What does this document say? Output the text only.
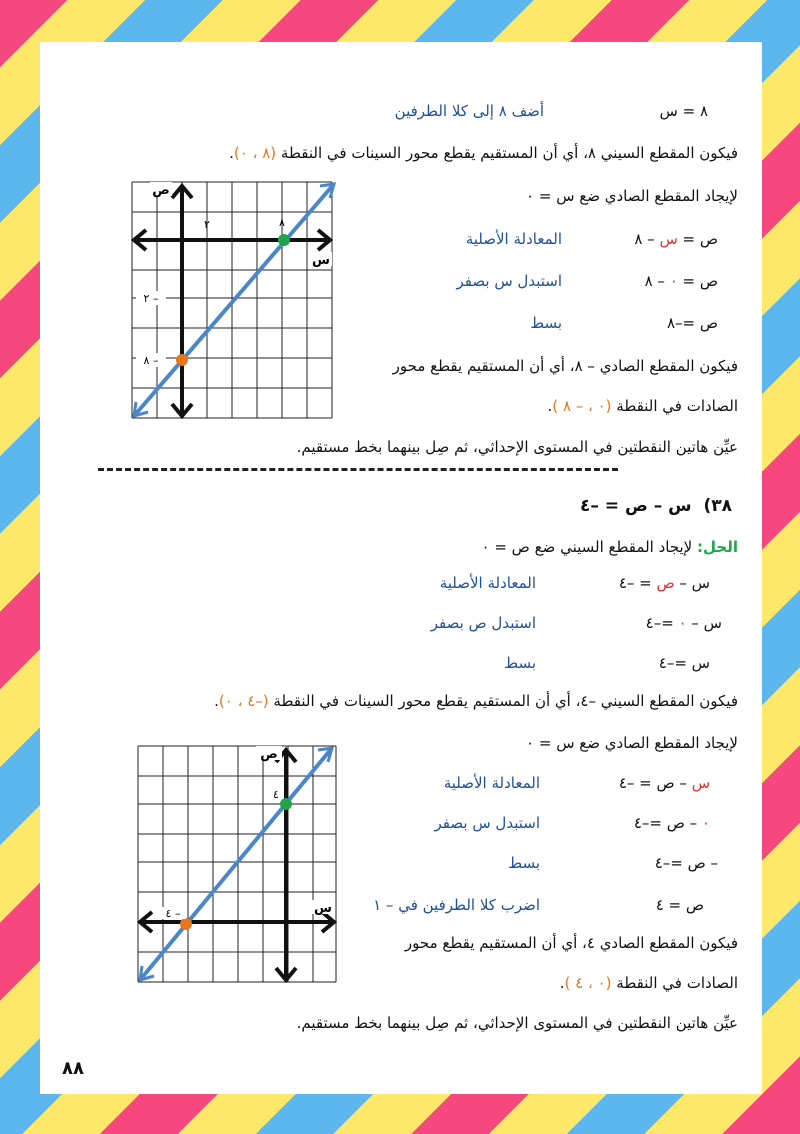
٨ = س
أضف ٨ إلى كلا الطرفين
فيكون المقطع السيني ٨، أي أن المستقيم يقطع محور السينات في النقطة (٨ ، ٠).
لإيجاد المقطع الصادي ضع س = ٠
ص = س – ٨
المعادلة الأصلية
ص = ٠ – ٨
استبدل س بصفر
ص =–٨
بسط
فيكون المقطع الصادي – ٨، أي أن المستقيم يقطع محور
الصادات في النقطة (٠ ، – ٨ ).
عيِّن هاتين النقطتين في المستوى الإحداثي، ثم صِل بينهما بخط مستقيم.
ص
س
٢	٨
٢ –
٨ –
٣٨)  س – ص = –٤
الحل: لإيجاد المقطع السيني ضع ص = ٠
س – ص = –٤
المعادلة الأصلية
س – ٠ =–٤
استبدل ص بصفر
س =–٤
بسط
فيكون المقطع السيني –٤، أي أن المستقيم يقطع محور السينات في النقطة (–٤ ، ٠).
لإيجاد المقطع الصادي ضع س = ٠
س – ص = –٤
المعادلة الأصلية
٠ – ص =–٤
استبدل س بصفر
– ص =–٤
بسط
ص = ٤
اضرب كلا الطرفين في – ١
فيكون المقطع الصادي ٤، أي أن المستقيم يقطع محور
الصادات في النقطة (٠ ، ٤ ).
عيِّن هاتين النقطتين في المستوى الإحداثي، ثم صِل بينهما بخط مستقيم.
ص
س
٤
٤ –
٨٨
